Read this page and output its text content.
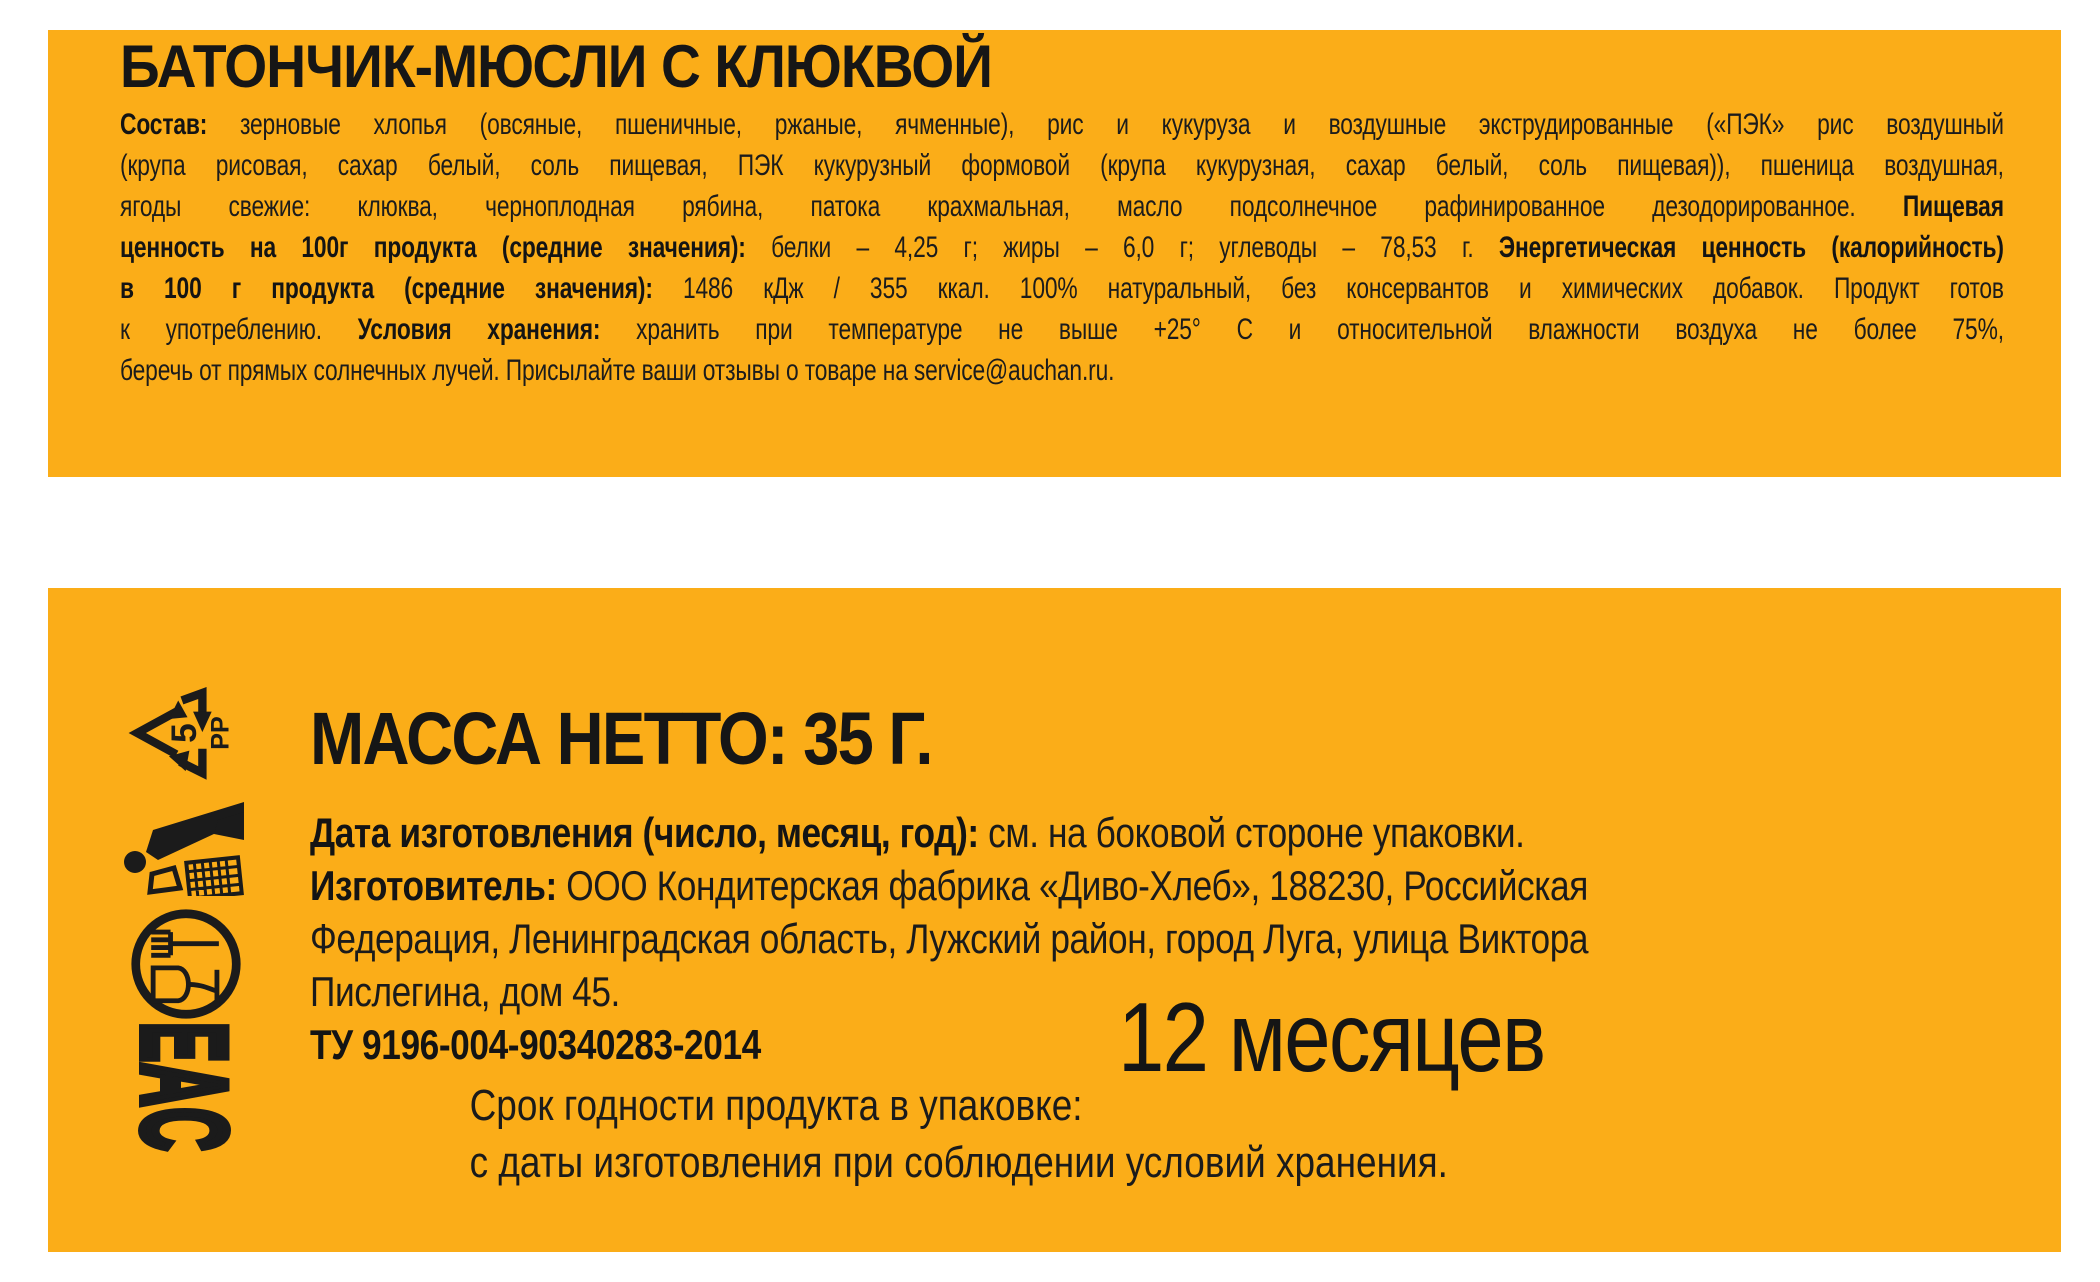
БАТОНЧИК-МЮСЛИ С КЛЮКВОЙ
Состав: зерновые хлопья (овсяные, пшеничные, ржаные, ячменные), рис и кукуруза и воздушные экструдированные («ПЭК» рис воздушный
(крупа рисовая, сахар белый, соль пищевая, ПЭК кукурузный формовой (крупа кукурузная, сахар белый, соль пищевая)), пшеница воздушная,
ягоды свежие: клюква, черноплодная рябина, патока крахмальная, масло подсолнечное рафинированное дезодорированное. Пищевая
ценность на 100г продукта (средние значения): белки – 4,25 г; жиры – 6,0 г; углеводы – 78,53 г. Энергетическая ценность (калорийность)
в 100 г продукта (средние значения): 1486 кДж / 355 ккал. 100% натуральный, без консервантов и химических добавок. Продукт готов
к употреблению. Условия хранения: хранить при температуре не выше +25° С и относительной влажности воздуха не более 75%,
беречь от прямых солнечных лучей. Присылайте ваши отзывы о товаре на service@auchan.ru.
5 PP
EAC
МАССА НЕТТО: 35 Г.
Дата изготовления (число, месяц, год): см. на боковой стороне упаковки.
Изготовитель: ООО Кондитерская фабрика «Диво-Хлеб», 188230, Российская
Федерация, Ленинградская область, Лужский район, город Луга, улица Виктора
Пислегина, дом 45.
ТУ 9196-004-90340283-2014
Срок годности продукта в упаковке:
с даты изготовления при соблюдении условий хранения.
12 месяцев
